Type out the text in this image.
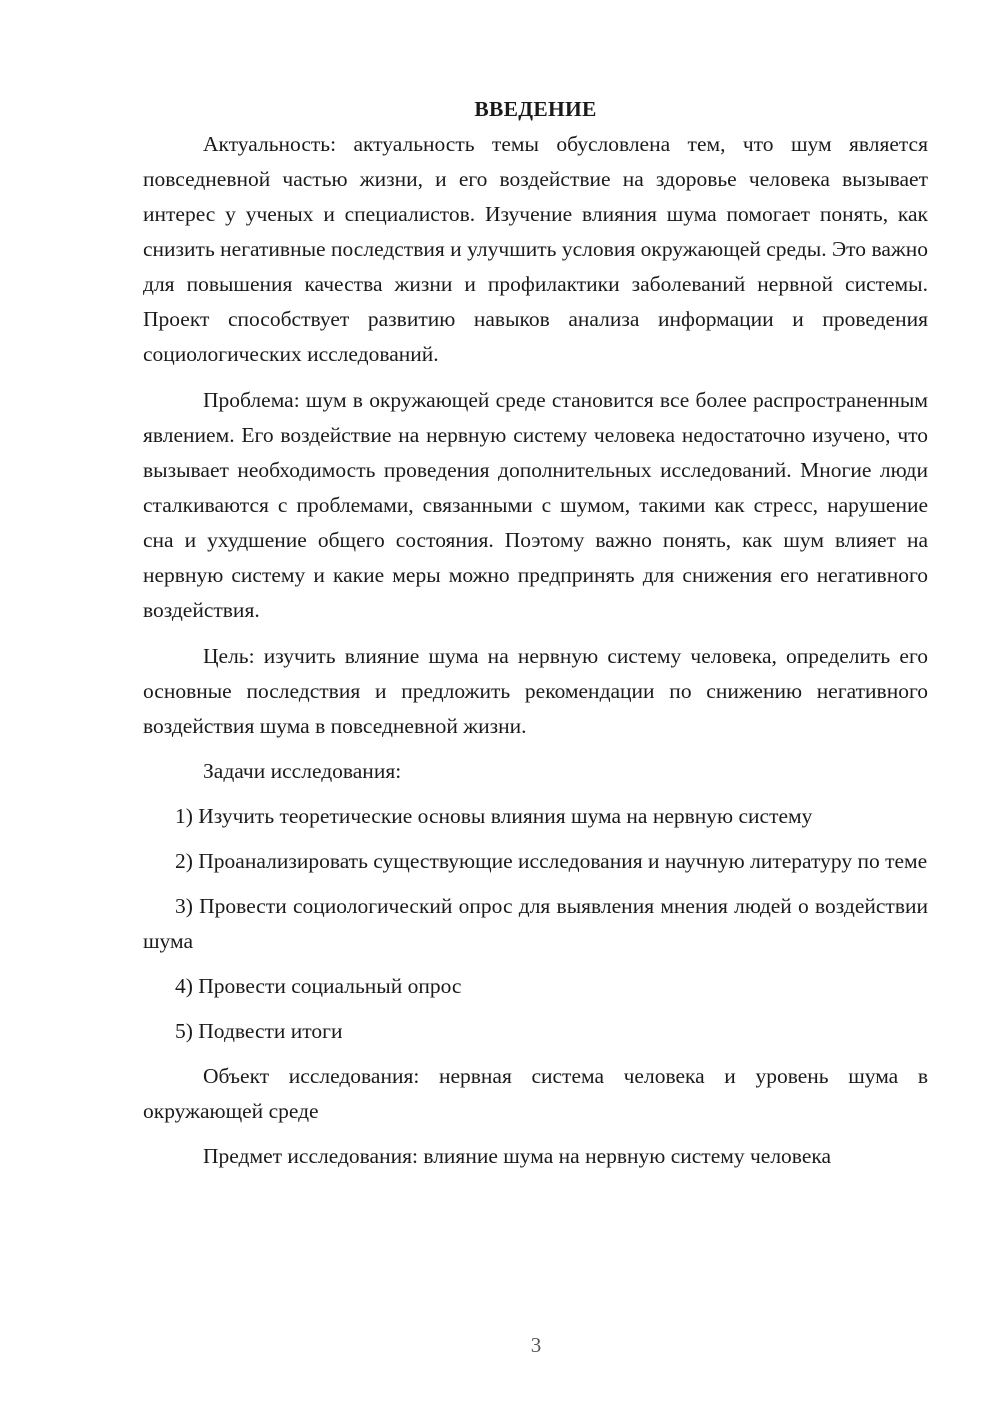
ВВЕДЕНИЕ

Актуальность: актуальность темы обусловлена тем, что шум является повседневной частью жизни, и его воздействие на здоровье человека вызывает интерес у ученых и специалистов. Изучение влияния шума помогает понять, как снизить негативные последствия и улучшить условия окружающей среды. Это важно для повышения качества жизни и профилактики заболеваний нервной системы. Проект способствует развитию навыков анализа информации и проведения социологических исследований.

Проблема: шум в окружающей среде становится все более распространенным явлением. Его воздействие на нервную систему человека недостаточно изучено, что вызывает необходимость проведения дополнительных исследований. Многие люди сталкиваются с проблемами, связанными с шумом, такими как стресс, нарушение сна и ухудшение общего состояния. Поэтому важно понять, как шум влияет на нервную систему и какие меры можно предпринять для снижения его негативного воздействия.

Цель: изучить влияние шума на нервную систему человека, определить его основные последствия и предложить рекомендации по снижению негативного воздействия шума в повседневной жизни.

Задачи исследования:

1) Изучить теоретические основы влияния шума на нервную систему

2) Проанализировать существующие исследования и научную литературу по теме

3) Провести социологический опрос для выявления мнения людей о воздействии шума

4) Провести социальный опрос

5) Подвести итоги

Объект исследования: нервная система человека и уровень шума в окружающей среде

Предмет исследования: влияние шума на нервную систему человека

3
